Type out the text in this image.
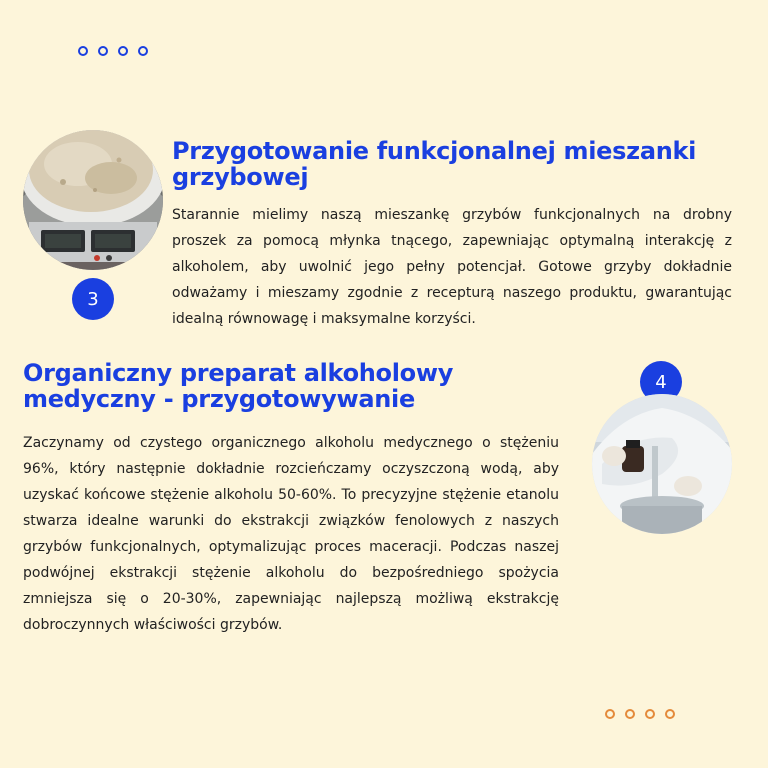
3
Przygotowanie funkcjonalnej mieszanki grzybowej

Starannie mielimy naszą mieszankę grzybów funkcjonalnych na drobny proszek za pomocą młynka tnącego, zapewniając optymalną interakcję z alkoholem, aby uwolnić jego pełny potencjał. Gotowe grzyby dokładnie odważamy i mieszamy zgodnie z recepturą naszego produktu, gwarantując idealną równowagę i maksymalne korzyści.

Organiczny preparat alkoholowy medyczny - przygotowywanie

Zaczynamy od czystego organicznego alkoholu medycznego o stężeniu 96%, który następnie dokładnie rozcieńczamy oczyszczoną wodą, aby uzyskać końcowe stężenie alkoholu 50-60%. To precyzyjne stężenie etanolu stwarza idealne warunki do ekstrakcji związków fenolowych z naszych grzybów funkcjonalnych, optymalizując proces maceracji. Podczas naszej podwójnej ekstrakcji stężenie alkoholu do bezpośredniego spożycia zmniejsza się o 20-30%, zapewniając najlepszą możliwą ekstrakcję dobroczynnych właściwości grzybów.

4
